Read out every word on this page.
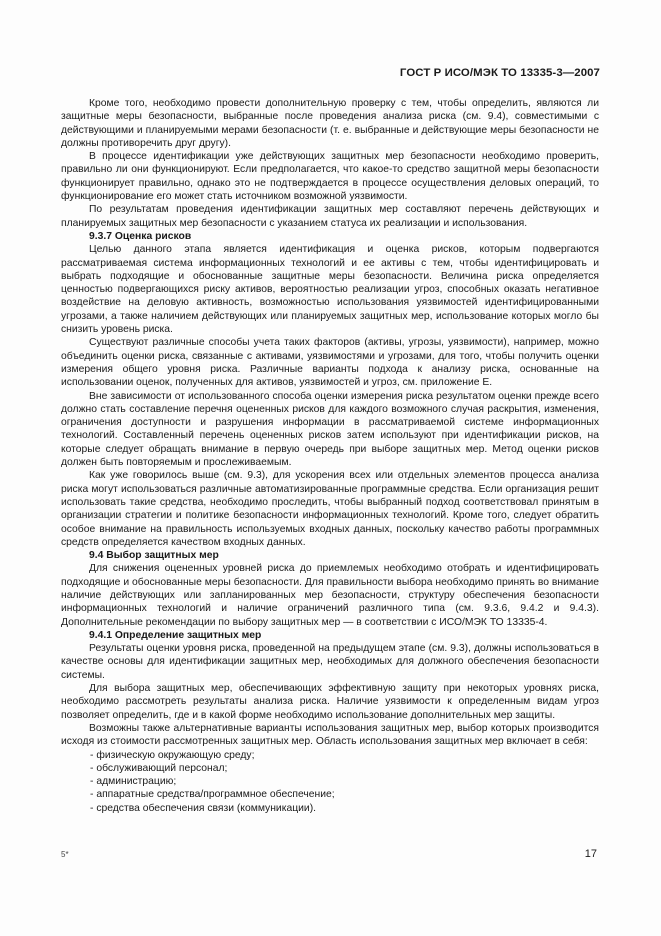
ГОСТ Р ИСО/МЭК ТО 13335-3—2007

Кроме того, необходимо провести дополнительную проверку с тем, чтобы определить, являются ли защитные меры безопасности, выбранные после проведения анализа риска (см. 9.4), совместимыми с действующими и планируемыми мерами безопасности (т. е. выбранные и действующие меры безопасности не должны противоречить друг другу).

В процессе идентификации уже действующих защитных мер безопасности необходимо проверить, правильно ли они функционируют. Если предполагается, что какое-то средство защитной меры безопасности функционирует правильно, однако это не подтверждается в процессе осуществления деловых операций, то функционирование его может стать источником возможной уязвимости.

По результатам проведения идентификации защитных мер составляют перечень действующих и планируемых защитных мер безопасности с указанием статуса их реализации и использования.

9.3.7 Оценка рисков

Целью данного этапа является идентификация и оценка рисков, которым подвергаются рассматриваемая система информационных технологий и ее активы с тем, чтобы идентифицировать и выбрать подходящие и обоснованные защитные меры безопасности. Величина риска определяется ценностью подвергающихся риску активов, вероятностью реализации угроз, способных оказать негативное воздействие на деловую активность, возможностью использования уязвимостей идентифицированными угрозами, а также наличием действующих или планируемых защитных мер, использование которых могло бы снизить уровень риска.

Существуют различные способы учета таких факторов (активы, угрозы, уязвимости), например, можно объединить оценки риска, связанные с активами, уязвимостями и угрозами, для того, чтобы получить оценки измерения общего уровня риска. Различные варианты подхода к анализу риска, основанные на использовании оценок, полученных для активов, уязвимостей и угроз, см. приложение Е.

Вне зависимости от использованного способа оценки измерения риска результатом оценки прежде всего должно стать составление перечня оцененных рисков для каждого возможного случая раскрытия, изменения, ограничения доступности и разрушения информации в рассматриваемой системе информационных технологий. Составленный перечень оцененных рисков затем используют при идентификации рисков, на которые следует обращать внимание в первую очередь при выборе защитных мер. Метод оценки рисков должен быть повторяемым и прослеживаемым.

Как уже говорилось выше (см. 9.3), для ускорения всех или отдельных элементов процесса анализа риска могут использоваться различные автоматизированные программные средства. Если организация решит использовать такие средства, необходимо проследить, чтобы выбранный подход соответствовал принятым в организации стратегии и политике безопасности информационных технологий. Кроме того, следует обратить особое внимание на правильность используемых входных данных, поскольку качество работы программных средств определяется качеством входных данных.

9.4 Выбор защитных мер

Для снижения оцененных уровней риска до приемлемых необходимо отобрать и идентифицировать подходящие и обоснованные меры безопасности. Для правильности выбора необходимо принять во внимание наличие действующих или запланированных мер безопасности, структуру обеспечения безопасности информационных технологий и наличие ограничений различного типа (см. 9.3.6, 9.4.2 и 9.4.3). Дополнительные рекомендации по выбору защитных мер — в соответствии с ИСО/МЭК ТО 13335-4.

9.4.1 Определение защитных мер

Результаты оценки уровня риска, проведенной на предыдущем этапе (см. 9.3), должны использоваться в качестве основы для идентификации защитных мер, необходимых для должного обеспечения безопасности системы.

Для выбора защитных мер, обеспечивающих эффективную защиту при некоторых уровнях риска, необходимо рассмотреть результаты анализа риска. Наличие уязвимости к определенным видам угроз позволяет определить, где и в какой форме необходимо использование дополнительных мер защиты.

Возможны также альтернативные варианты использования защитных мер, выбор которых производится исходя из стоимости рассмотренных защитных мер. Область использования защитных мер включает в себя:

- физическую окружающую среду;
- обслуживающий персонал;
- администрацию;
- аппаратные средства/программное обеспечение;
- средства обеспечения связи (коммуникации).
5*	17
